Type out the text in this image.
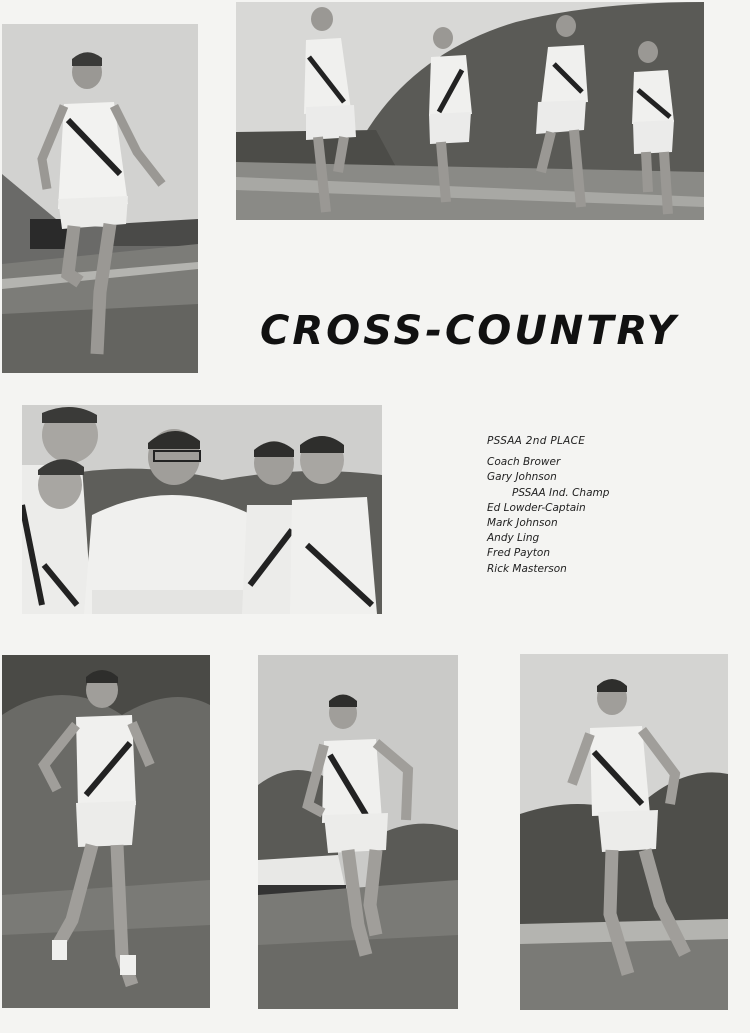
CROSS-COUNTRY
PSSAA 2nd PLACE
Coach Brower
Gary Johnson
PSSAA Ind. Champ
Ed Lowder-Captain
Mark Johnson
Andy Ling
Fred Payton
Rick Masterson
